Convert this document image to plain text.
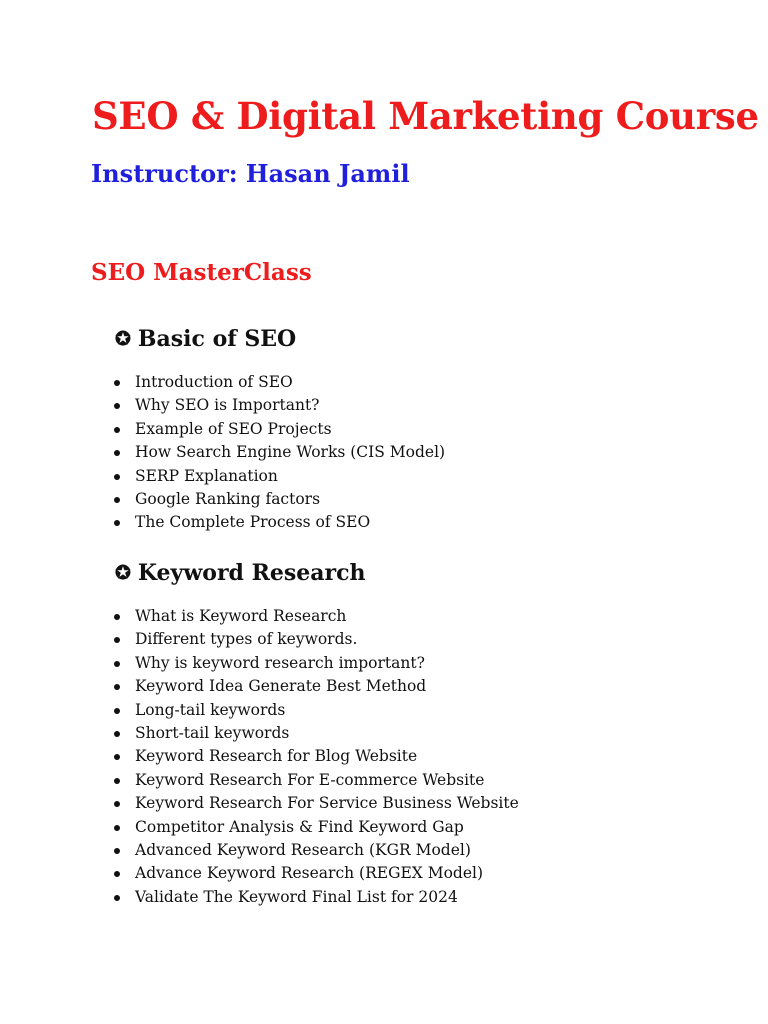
SEO & Digital Marketing Course
Instructor: Hasan Jamil
SEO MasterClass
✪ Basic of SEO
Introduction of SEO
Why SEO is Important?
Example of SEO Projects
How Search Engine Works (CIS Model)
SERP Explanation
Google Ranking factors
The Complete Process of SEO
✪ Keyword Research
What is Keyword Research
Different types of keywords.
Why is keyword research important?
Keyword Idea Generate Best Method
Long-tail keywords
Short-tail keywords
Keyword Research for Blog Website
Keyword Research For E-commerce Website
Keyword Research For Service Business Website
Competitor Analysis & Find Keyword Gap
Advanced Keyword Research (KGR Model)
Advance Keyword Research (REGEX Model)
Validate The Keyword Final List for 2024
